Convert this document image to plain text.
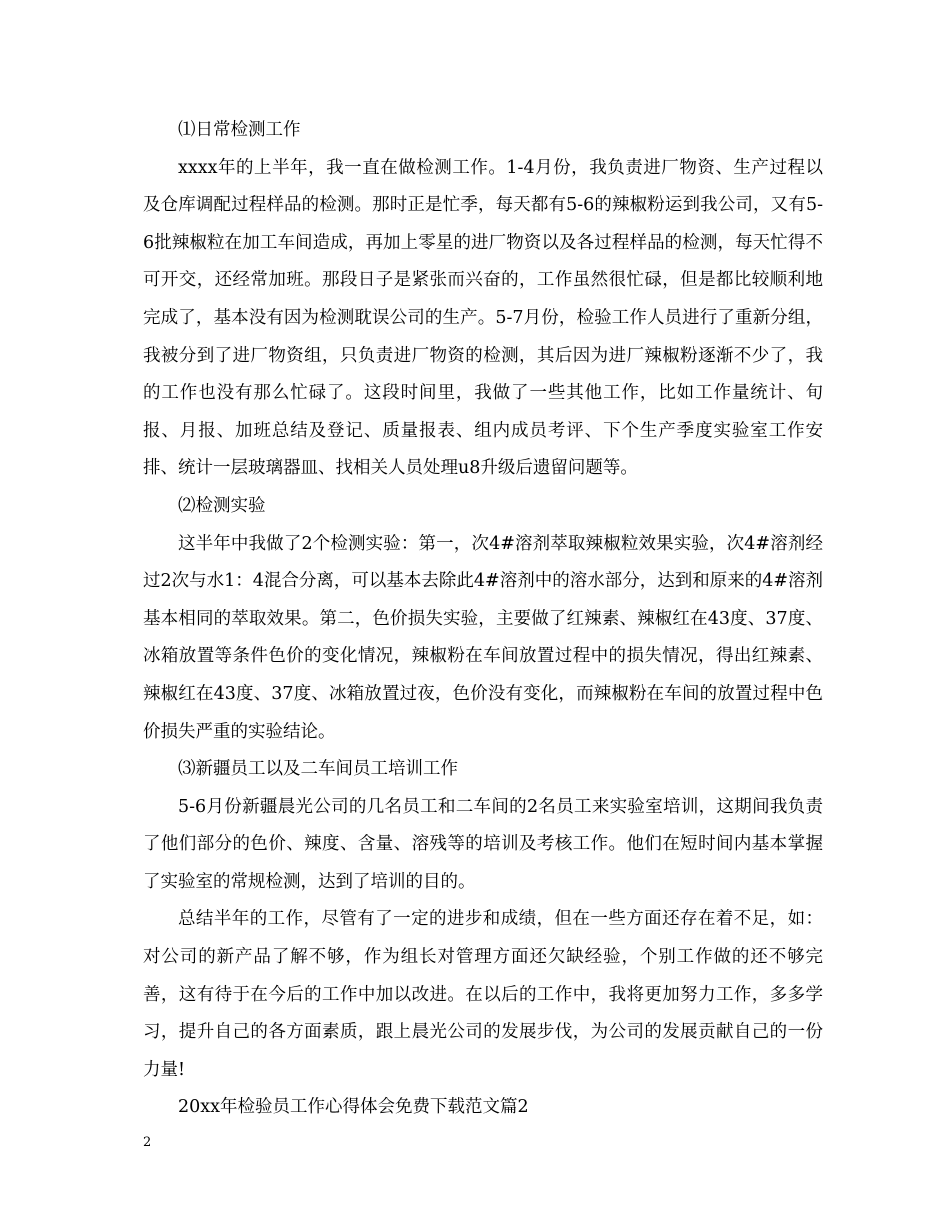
⑴日常检测工作

xxxx年的上半年，我一直在做检测工作。1-4月份，我负责进厂物资、生产过程以及仓库调配过程样品的检测。那时正是忙季，每天都有5-6的辣椒粉运到我公司，又有5-6批辣椒粒在加工车间造成，再加上零星的进厂物资以及各过程样品的检测，每天忙得不可开交，还经常加班。那段日子是紧张而兴奋的，工作虽然很忙碌，但是都比较顺利地完成了，基本没有因为检测耽误公司的生产。5-7月份，检验工作人员进行了重新分组，我被分到了进厂物资组，只负责进厂物资的检测，其后因为进厂辣椒粉逐渐不少了，我的工作也没有那么忙碌了。这段时间里，我做了一些其他工作，比如工作量统计、旬报、月报、加班总结及登记、质量报表、组内成员考评、下个生产季度实验室工作安排、统计一层玻璃器皿、找相关人员处理u8升级后遗留问题等。

⑵检测实验

这半年中我做了2个检测实验：第一，次4#溶剂萃取辣椒粒效果实验，次4#溶剂经过2次与水1：4混合分离，可以基本去除此4#溶剂中的溶水部分，达到和原来的4#溶剂基本相同的萃取效果。第二，色价损失实验，主要做了红辣素、辣椒红在43度、37度、冰箱放置等条件色价的变化情况，辣椒粉在车间放置过程中的损失情况，得出红辣素、辣椒红在43度、37度、冰箱放置过夜，色价没有变化，而辣椒粉在车间的放置过程中色价损失严重的实验结论。

⑶新疆员工以及二车间员工培训工作

5-6月份新疆晨光公司的几名员工和二车间的2名员工来实验室培训，这期间我负责了他们部分的色价、辣度、含量、溶残等的培训及考核工作。他们在短时间内基本掌握了实验室的常规检测，达到了培训的目的。

总结半年的工作，尽管有了一定的进步和成绩，但在一些方面还存在着不足，如：对公司的新产品了解不够，作为组长对管理方面还欠缺经验，个别工作做的还不够完善，这有待于在今后的工作中加以改进。在以后的工作中，我将更加努力工作，多多学习，提升自己的各方面素质，跟上晨光公司的发展步伐，为公司的发展贡献自己的一份力量!

20xx年检验员工作心得体会免费下载范文篇2

2
